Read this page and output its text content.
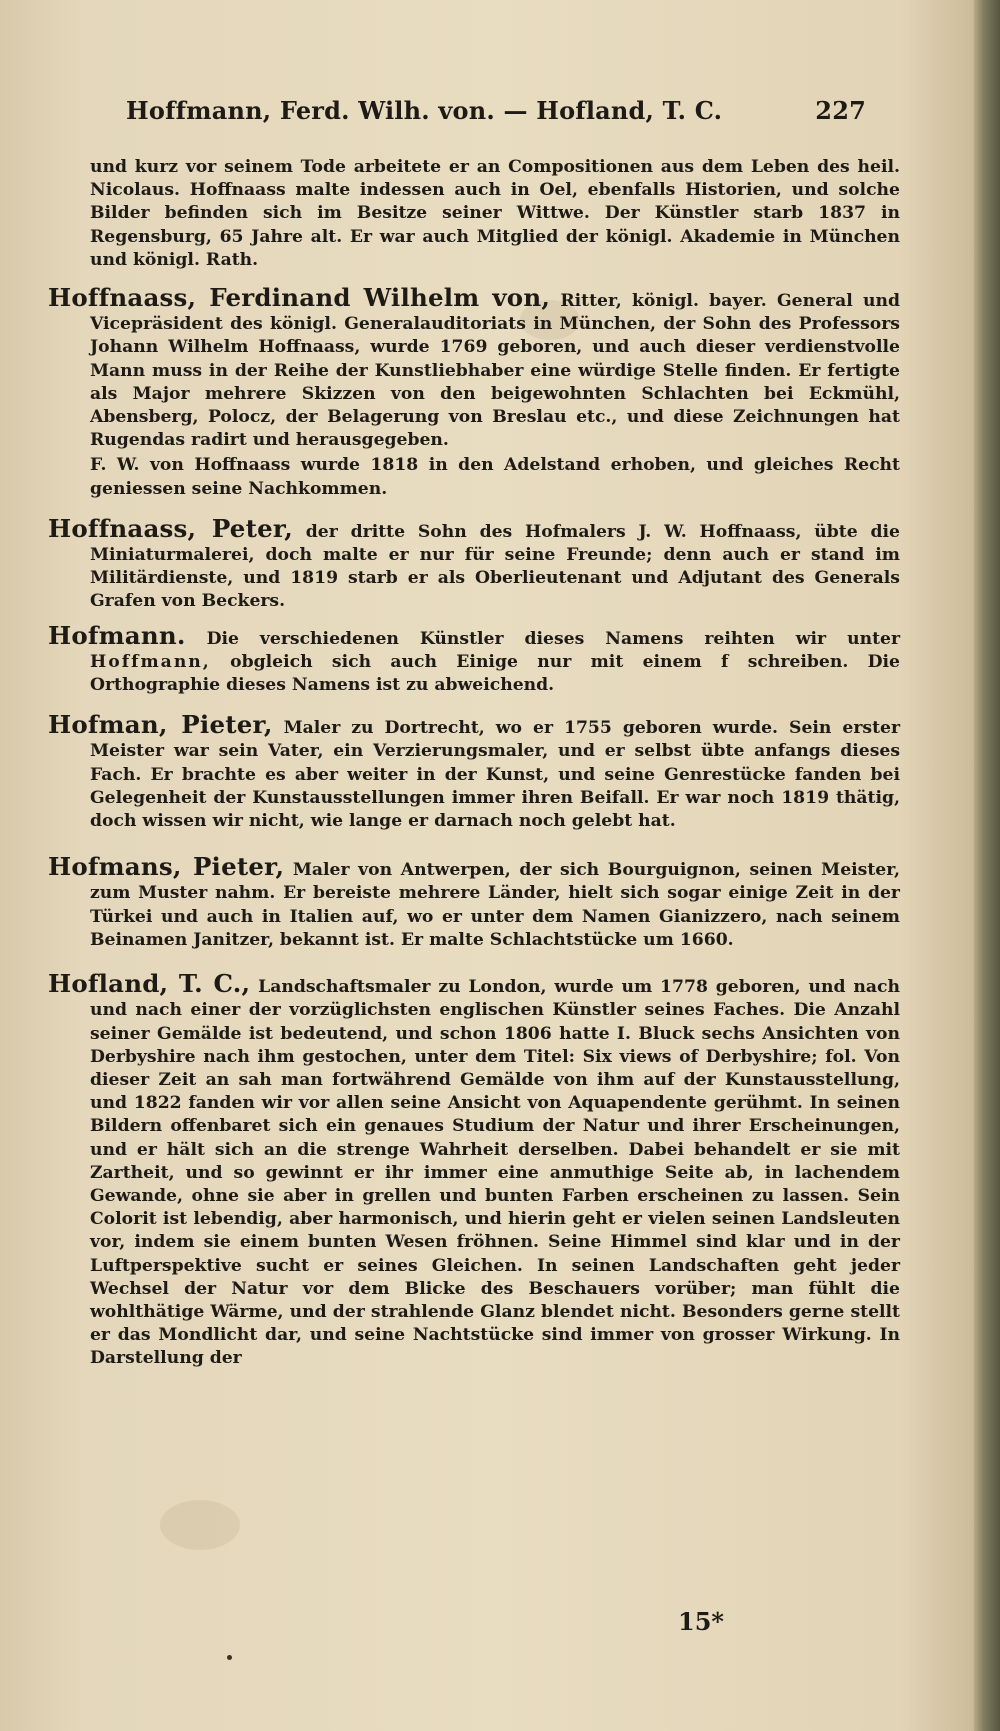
Hoffmann, Ferd. Wilh. von. — Hofland, T. C.	227
und kurz vor seinem Tode arbeitete er an Compositionen aus dem Leben des heil. Nicolaus. Hoffnaass malte indessen auch in Oel, ebenfalls Historien, und solche Bilder befinden sich im Besitze seiner Wittwe. Der Künstler starb 1837 in Regensburg, 65 Jahre alt. Er war auch Mitglied der königl. Akademie in München und königl. Rath.
Hoffnaass, Ferdinand Wilhelm von, Ritter, königl. bayer. General und Vicepräsident des königl. Generalauditoriats in München, der Sohn des Professors Johann Wilhelm Hoffnaass, wurde 1769 geboren, und auch dieser verdienstvolle Mann muss in der Reihe der Kunstliebhaber eine würdige Stelle finden. Er fertigte als Major mehrere Skizzen von den beigewohnten Schlachten bei Eckmühl, Abensberg, Polocz, der Belagerung von Breslau etc., und diese Zeichnungen hat Rugendas radirt und herausgegeben.
F. W. von Hoffnaass wurde 1818 in den Adelstand erhoben, und gleiches Recht geniessen seine Nachkommen.
Hoffnaass, Peter, der dritte Sohn des Hofmalers J. W. Hoffnaass, übte die Miniaturmalerei, doch malte er nur für seine Freunde; denn auch er stand im Militärdienste, und 1819 starb er als Oberlieutenant und Adjutant des Generals Grafen von Beckers.
Hofmann. Die verschiedenen Künstler dieses Namens reihten wir unter Hoffmann, obgleich sich auch Einige nur mit einem f schreiben. Die Orthographie dieses Namens ist zu abweichend.
Hofman, Pieter, Maler zu Dortrecht, wo er 1755 geboren wurde. Sein erster Meister war sein Vater, ein Verzierungsmaler, und er selbst übte anfangs dieses Fach. Er brachte es aber weiter in der Kunst, und seine Genrestücke fanden bei Gelegenheit der Kunstausstellungen immer ihren Beifall. Er war noch 1819 thätig, doch wissen wir nicht, wie lange er darnach noch gelebt hat.
Hofmans, Pieter, Maler von Antwerpen, der sich Bourguignon, seinen Meister, zum Muster nahm. Er bereiste mehrere Länder, hielt sich sogar einige Zeit in der Türkei und auch in Italien auf, wo er unter dem Namen Gianizzero, nach seinem Beinamen Janitzer, bekannt ist. Er malte Schlachtstücke um 1660.
Hofland, T. C., Landschaftsmaler zu London, wurde um 1778 geboren, und nach und nach einer der vorzüglichsten englischen Künstler seines Faches. Die Anzahl seiner Gemälde ist bedeutend, und schon 1806 hatte I. Bluck sechs Ansichten von Derbyshire nach ihm gestochen, unter dem Titel: Six views of Derbyshire; fol. Von dieser Zeit an sah man fortwährend Gemälde von ihm auf der Kunstausstellung, und 1822 fanden wir vor allen seine Ansicht von Aquapendente gerühmt. In seinen Bildern offenbaret sich ein genaues Studium der Natur und ihrer Erscheinungen, und er hält sich an die strenge Wahrheit derselben. Dabei behandelt er sie mit Zartheit, und so gewinnt er ihr immer eine anmuthige Seite ab, in lachendem Gewande, ohne sie aber in grellen und bunten Farben erscheinen zu lassen. Sein Colorit ist lebendig, aber harmonisch, und hierin geht er vielen seinen Landsleuten vor, indem sie einem bunten Wesen fröhnen. Seine Himmel sind klar und in der Luftperspektive sucht er seines Gleichen. In seinen Landschaften geht jeder Wechsel der Natur vor dem Blicke des Beschauers vorüber; man fühlt die wohlthätige Wärme, und der strahlende Glanz blendet nicht. Besonders gerne stellt er das Mondlicht dar, und seine Nachtstücke sind immer von grosser Wirkung. In Darstellung der
15*
